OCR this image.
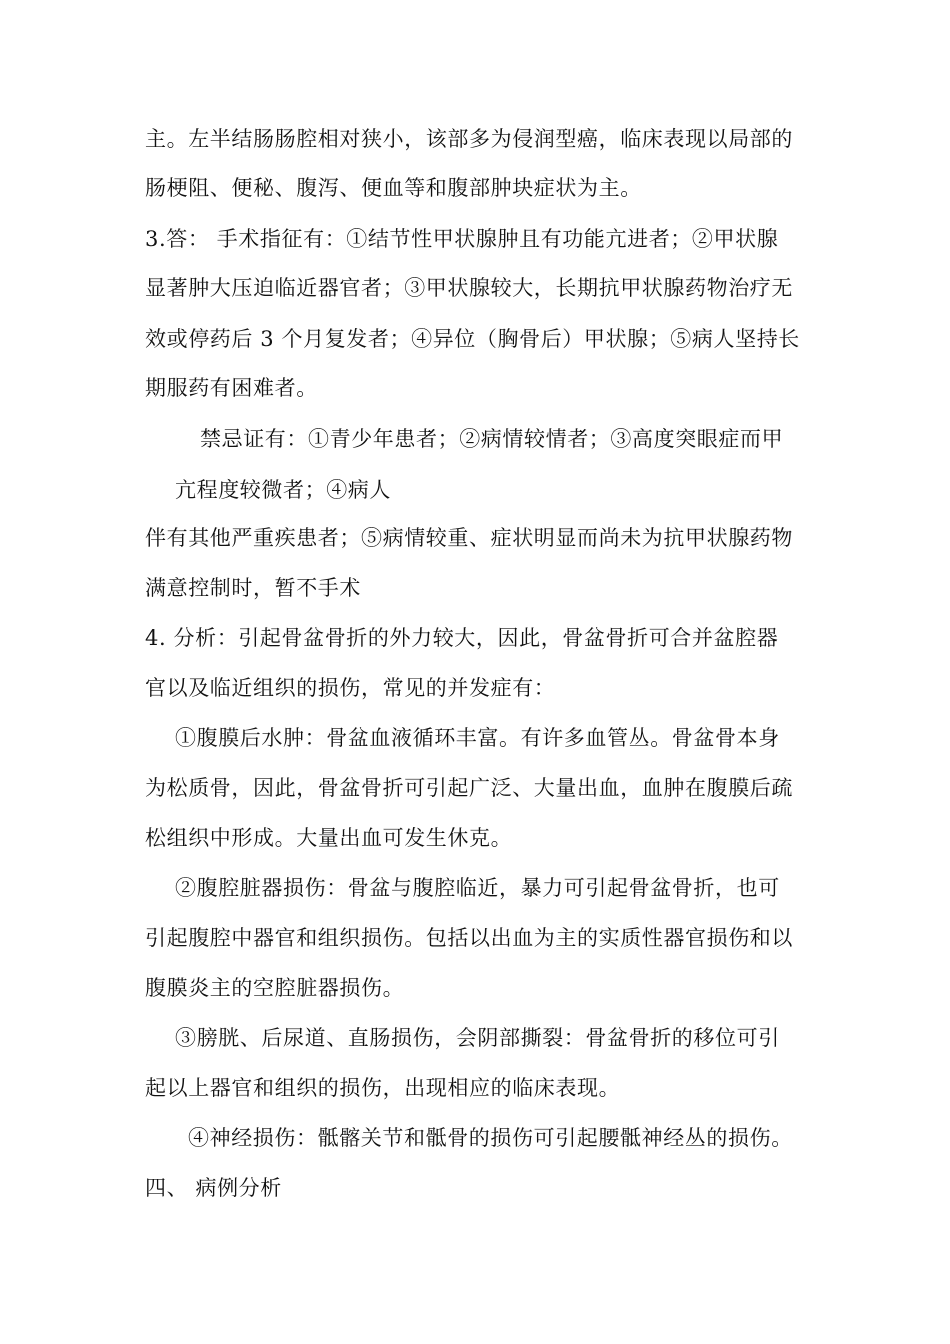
主。左半结肠肠腔相对狭小，该部多为侵润型癌，临床表现以局部的
肠梗阻、便秘、腹泻、便血等和腹部肿块症状为主。
3.答： 手术指征有：①结节性甲状腺肿且有功能亢进者；②甲状腺
显著肿大压迫临近器官者；③甲状腺较大，长期抗甲状腺药物治疗无
效或停药后 3 个月复发者；④异位（胸骨后）甲状腺；⑤病人坚持长
期服药有困难者。
禁忌证有：①青少年患者；②病情较情者；③高度突眼症而甲
亢程度较微者；④病人
伴有其他严重疾患者；⑤病情较重、症状明显而尚未为抗甲状腺药物
满意控制时，暂不手术
4. 分析：引起骨盆骨折的外力较大，因此，骨盆骨折可合并盆腔器
官以及临近组织的损伤，常见的并发症有：
①腹膜后水肿：骨盆血液循环丰富。有许多血管丛。骨盆骨本身
为松质骨，因此，骨盆骨折可引起广泛、大量出血，血肿在腹膜后疏
松组织中形成。大量出血可发生休克。
②腹腔脏器损伤：骨盆与腹腔临近，暴力可引起骨盆骨折，也可
引起腹腔中器官和组织损伤。包括以出血为主的实质性器官损伤和以
腹膜炎主的空腔脏器损伤。
③膀胱、后尿道、直肠损伤，会阴部撕裂：骨盆骨折的移位可引
起以上器官和组织的损伤，出现相应的临床表现。
④神经损伤：骶髂关节和骶骨的损伤可引起腰骶神经丛的损伤。
四、 病例分析
